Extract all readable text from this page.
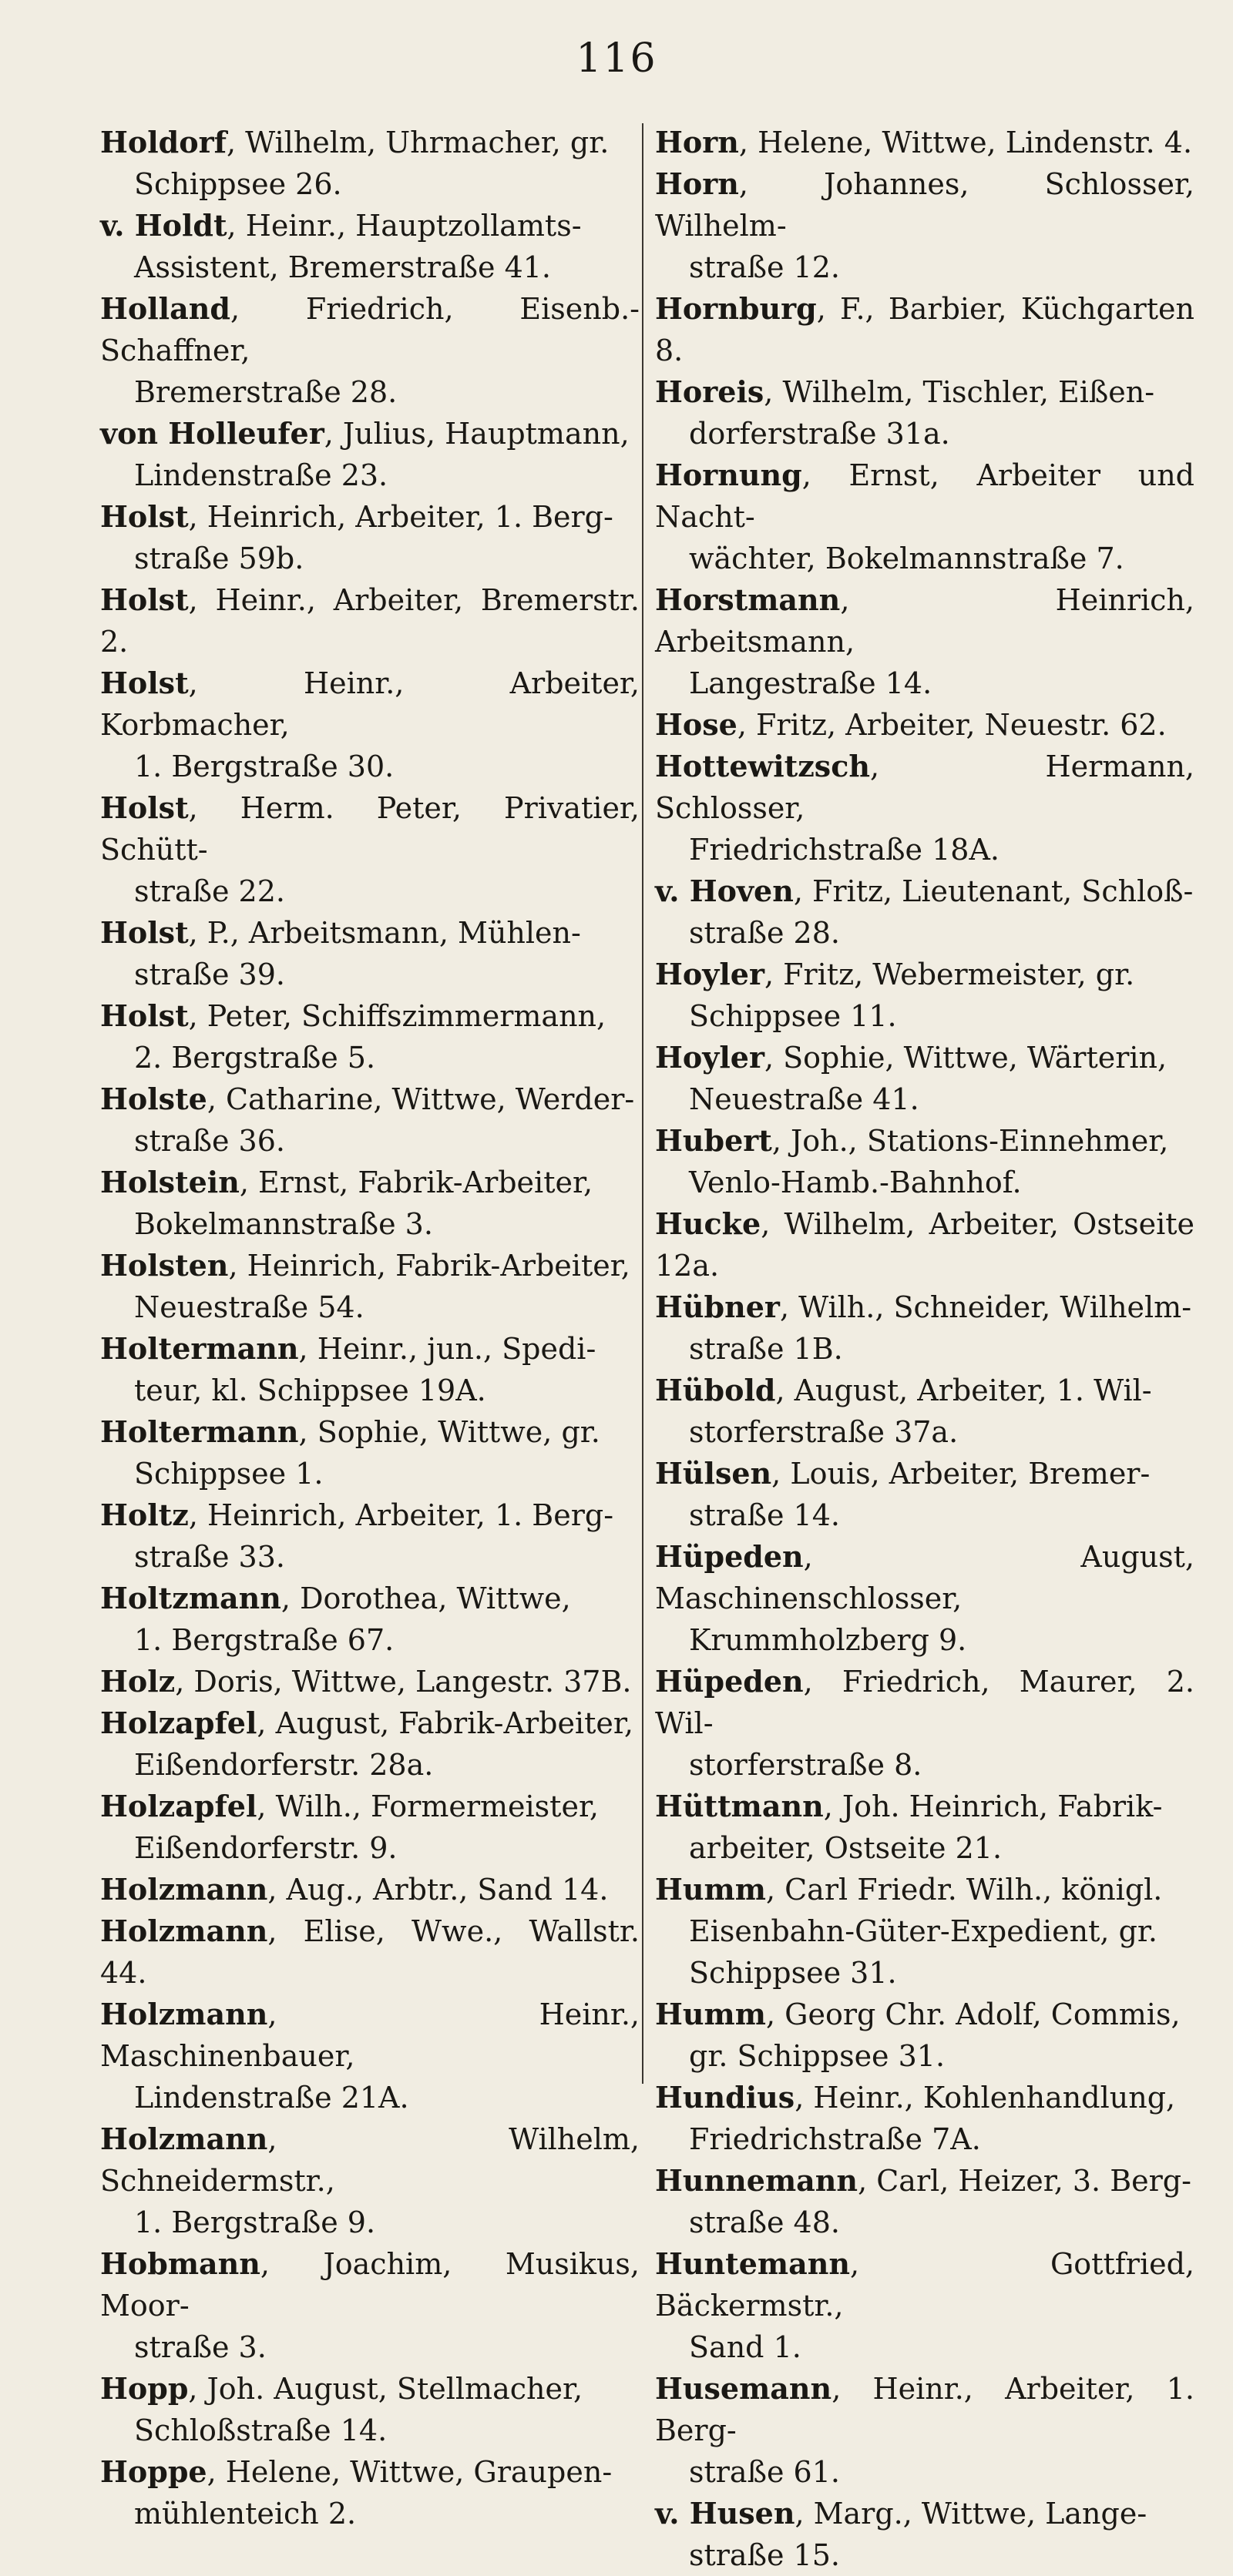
116
Holdorf, Wilhelm, Uhrmacher, gr.
Schippsee 26.
v. Holdt, Heinr., Hauptzollamts-
Assistent, Bremerstraße 41.
Holland, Friedrich, Eisenb.-Schaffner,
Bremerstraße 28.
von Holleufer, Julius, Hauptmann,
Lindenstraße 23.
Holst, Heinrich, Arbeiter, 1. Berg-
straße 59b.
Holst, Heinr., Arbeiter, Bremerstr. 2.
Holst, Heinr., Arbeiter, Korbmacher,
1. Bergstraße 30.
Holst, Herm. Peter, Privatier, Schütt-
straße 22.
Holst, P., Arbeitsmann, Mühlen-
straße 39.
Holst, Peter, Schiffszimmermann,
2. Bergstraße 5.
Holste, Catharine, Wittwe, Werder-
straße 36.
Holstein, Ernst, Fabrik-Arbeiter,
Bokelmannstraße 3.
Holsten, Heinrich, Fabrik-Arbeiter,
Neuestraße 54.
Holtermann, Heinr., jun., Spedi-
teur, kl. Schippsee 19A.
Holtermann, Sophie, Wittwe, gr.
Schippsee 1.
Holtz, Heinrich, Arbeiter, 1. Berg-
straße 33.
Holtzmann, Dorothea, Wittwe,
1. Bergstraße 67.
Holz, Doris, Wittwe, Langestr. 37B.
Holzapfel, August, Fabrik-Arbeiter,
Eißendorferstr. 28a.
Holzapfel, Wilh., Formermeister,
Eißendorferstr. 9.
Holzmann, Aug., Arbtr., Sand 14.
Holzmann, Elise, Wwe., Wallstr. 44.
Holzmann, Heinr., Maschinenbauer,
Lindenstraße 21A.
Holzmann, Wilhelm, Schneidermstr.,
1. Bergstraße 9.
Hobmann, Joachim, Musikus, Moor-
straße 3.
Hopp, Joh. August, Stellmacher,
Schloßstraße 14.
Hoppe, Helene, Wittwe, Graupen-
mühlenteich 2.
Horn, Helene, Wittwe, Lindenstr. 4.
Horn, Johannes, Schlosser, Wilhelm-
straße 12.
Hornburg, F., Barbier, Küchgarten 8.
Horeis, Wilhelm, Tischler, Eißen-
dorferstraße 31a.
Hornung, Ernst, Arbeiter und Nacht-
wächter, Bokelmannstraße 7.
Horstmann, Heinrich, Arbeitsmann,
Langestraße 14.
Hose, Fritz, Arbeiter, Neuestr. 62.
Hottewitzsch, Hermann, Schlosser,
Friedrichstraße 18A.
v. Hoven, Fritz, Lieutenant, Schloß-
straße 28.
Hoyler, Fritz, Webermeister, gr.
Schippsee 11.
Hoyler, Sophie, Wittwe, Wärterin,
Neuestraße 41.
Hubert, Joh., Stations-Einnehmer,
Venlo-Hamb.-Bahnhof.
Hucke, Wilhelm, Arbeiter, Ostseite 12a.
Hübner, Wilh., Schneider, Wilhelm-
straße 1B.
Hübold, August, Arbeiter, 1. Wil-
storferstraße 37a.
Hülsen, Louis, Arbeiter, Bremer-
straße 14.
Hüpeden, August, Maschinenschlosser,
Krummholzberg 9.
Hüpeden, Friedrich, Maurer, 2. Wil-
storferstraße 8.
Hüttmann, Joh. Heinrich, Fabrik-
arbeiter, Ostseite 21.
Humm, Carl Friedr. Wilh., königl.
Eisenbahn-Güter-Expedient, gr.
Schippsee 31.
Humm, Georg Chr. Adolf, Commis,
gr. Schippsee 31.
Hundius, Heinr., Kohlenhandlung,
Friedrichstraße 7A.
Hunnemann, Carl, Heizer, 3. Berg-
straße 48.
Huntemann, Gottfried, Bäckermstr.,
Sand 1.
Husemann, Heinr., Arbeiter, 1. Berg-
straße 61.
v. Husen, Marg., Wittwe, Lange-
straße 15.
